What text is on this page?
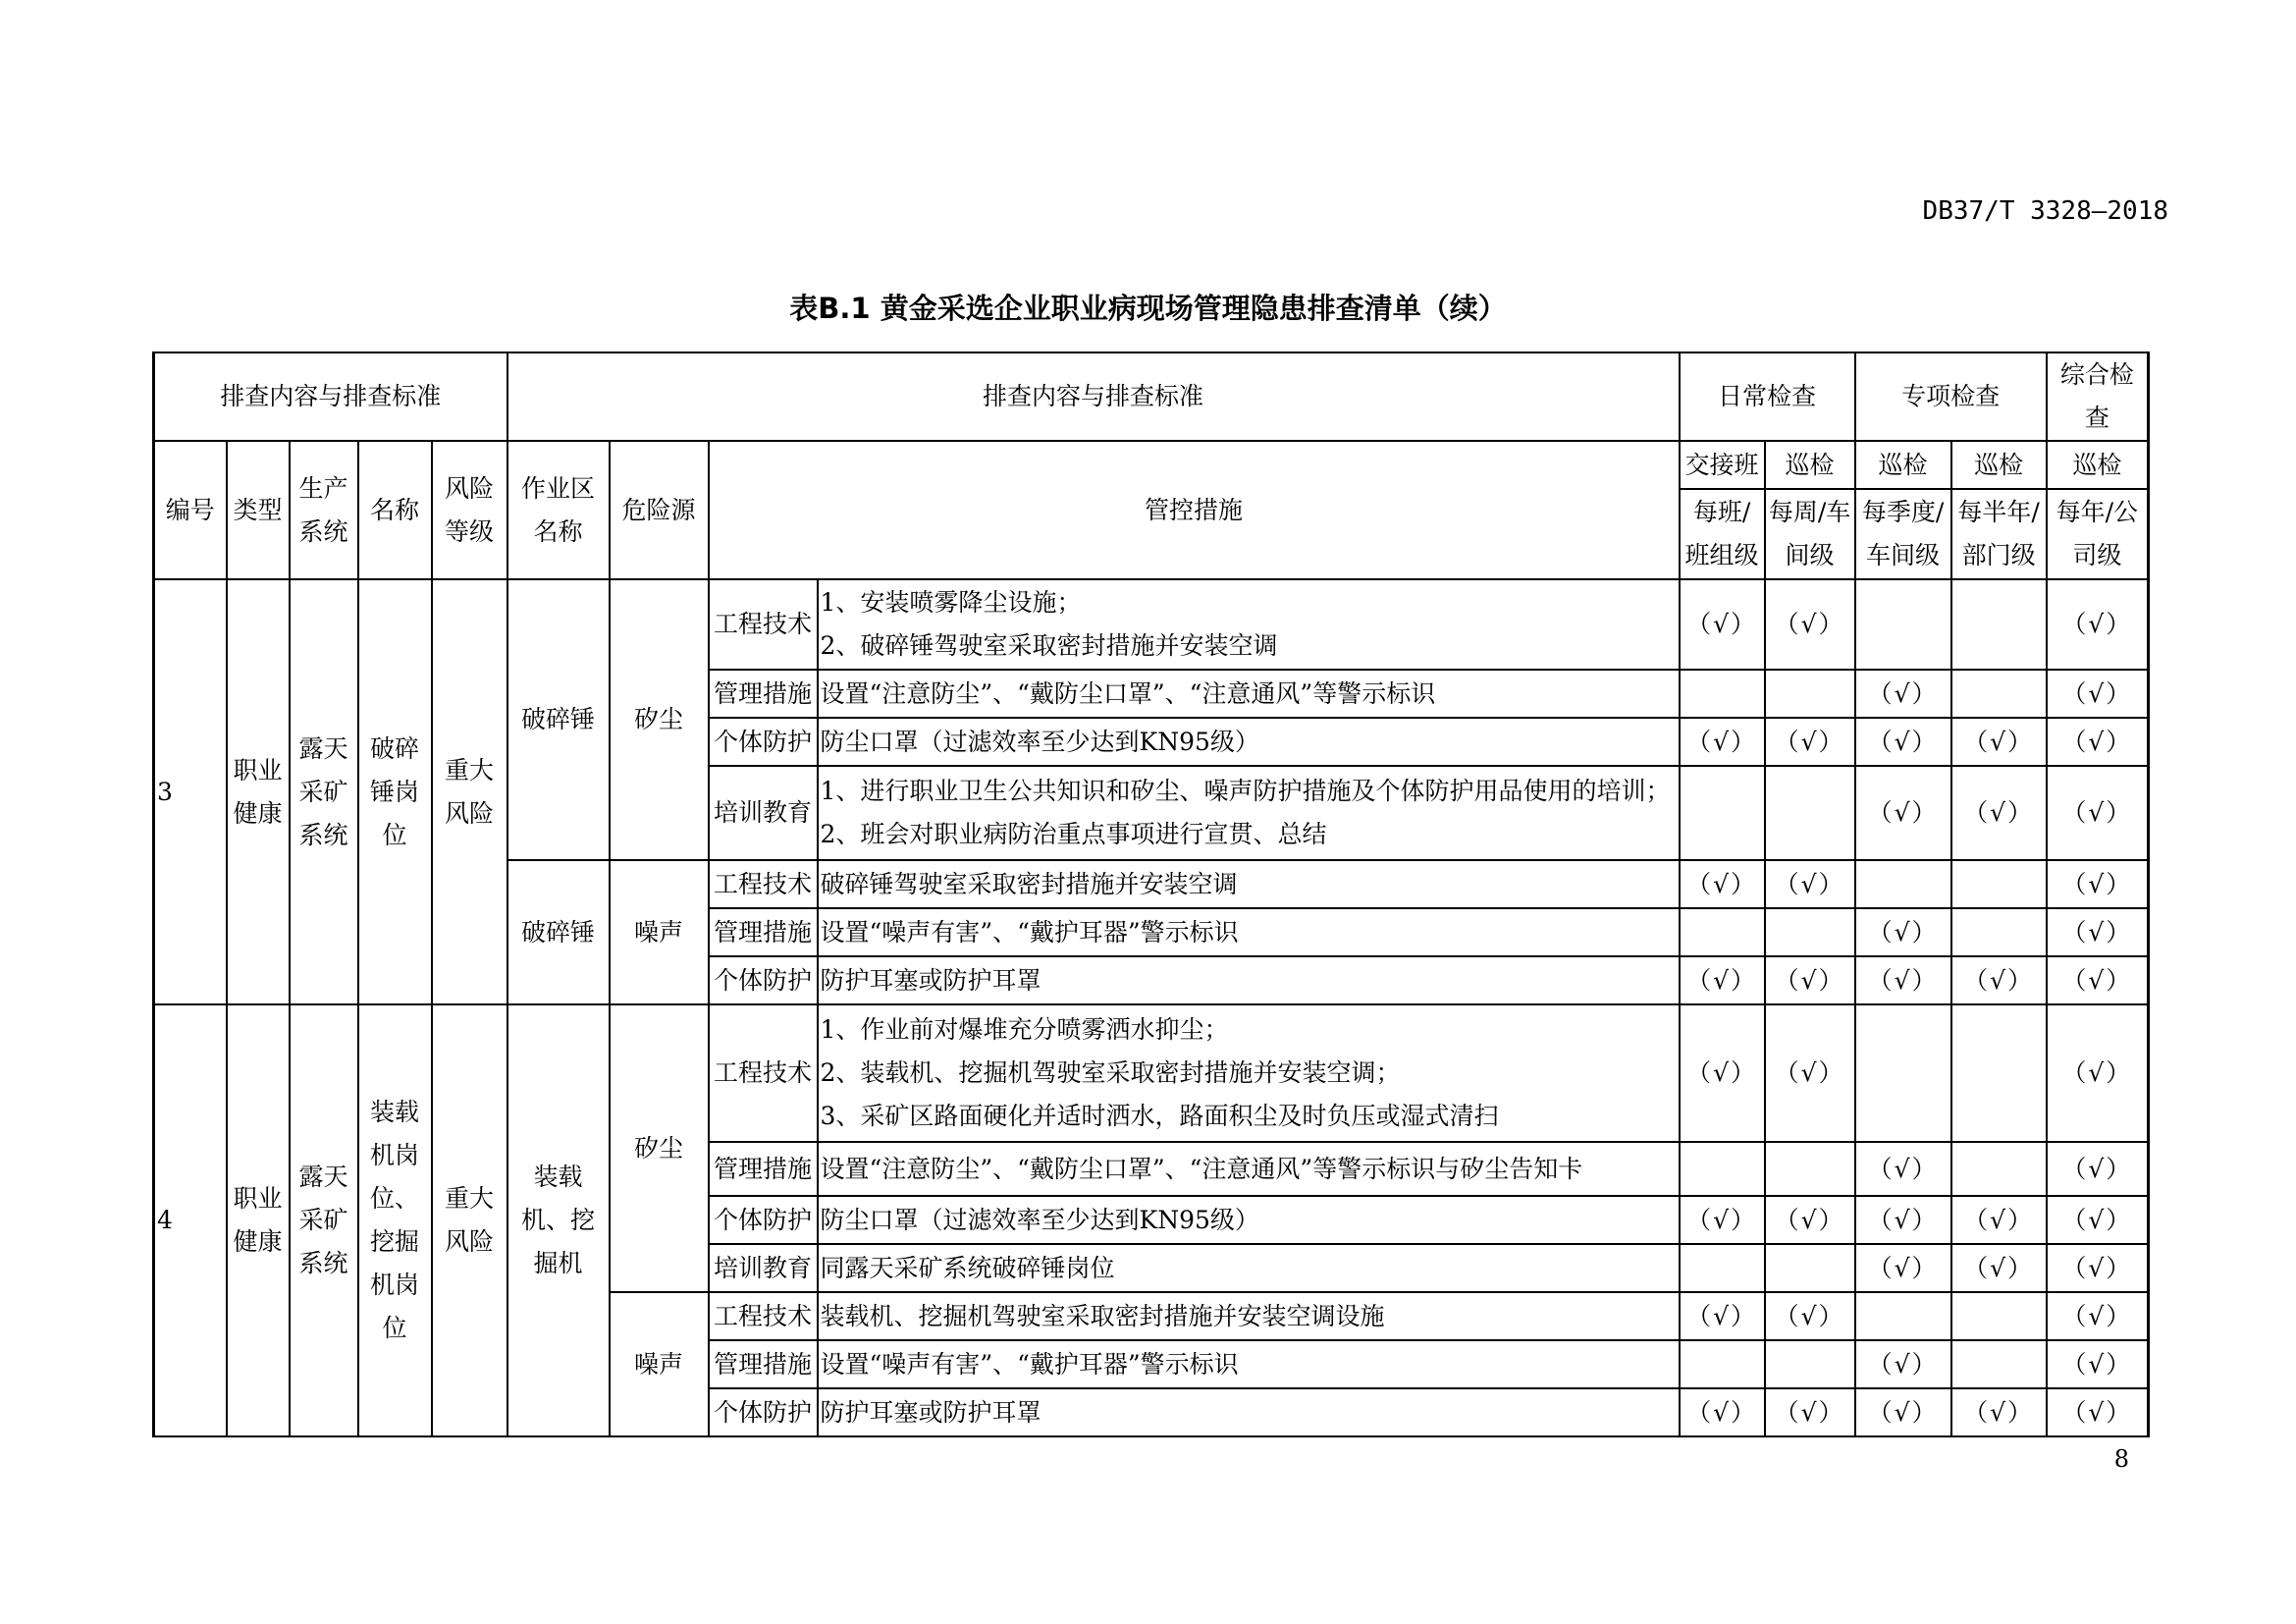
DB37/T 3328—2018
表B.1 黄金采选企业职业病现场管理隐患排查清单（续）
排查内容与排查标准					排查内容与排查标准				日常检查		专项检查		综合检查
编号	类型	生产系统	名称	风险等级	作业区名称	危险源	管控措施		交接班	巡检	巡检	巡检	巡检
									每班/班组级	每周/车间级	每季度/车间级	每半年/部门级	每年/公司级
3	职业健康	露天采矿系统	破碎锤岗位	重大风险	破碎锤	矽尘	工程技术	1、安装喷雾降尘设施；
2、破碎锤驾驶室采取密封措施并安装空调	（√）	（√）			（√）
							管理措施	设置“注意防尘”、“戴防尘口罩”、“注意通风”等警示标识			（√）		（√）
							个体防护	防尘口罩（过滤效率至少达到KN95级）	（√）	（√）	（√）	（√）	（√）
							培训教育	1、进行职业卫生公共知识和矽尘、噪声防护措施及个体防护用品使用的培训；
2、班会对职业病防治重点事项进行宣贯、总结			（√）	（√）	（√）
					破碎锤	噪声	工程技术	破碎锤驾驶室采取密封措施并安装空调	（√）	（√）			（√）
							管理措施	设置“噪声有害”、“戴护耳器”警示标识			（√）		（√）
							个体防护	防护耳塞或防护耳罩	（√）	（√）	（√）	（√）	（√）
4	职业健康	露天采矿系统	装载机岗位、挖掘机岗位	重大风险	装载机、挖掘机	矽尘	工程技术	1、作业前对爆堆充分喷雾洒水抑尘；
2、装载机、挖掘机驾驶室采取密封措施并安装空调；
3、采矿区路面硬化并适时洒水，路面积尘及时负压或湿式清扫	（√）	（√）			（√）
							管理措施	设置“注意防尘”、“戴防尘口罩”、“注意通风”等警示标识与矽尘告知卡			（√）		（√）
							个体防护	防尘口罩（过滤效率至少达到KN95级）	（√）	（√）	（√）	（√）	（√）
							培训教育	同露天采矿系统破碎锤岗位			（√）	（√）	（√）
						噪声	工程技术	装载机、挖掘机驾驶室采取密封措施并安装空调设施	（√）	（√）			（√）
							管理措施	设置“噪声有害”、“戴护耳器”警示标识			（√）		（√）
							个体防护	防护耳塞或防护耳罩	（√）	（√）	（√）	（√）	（√）
8
